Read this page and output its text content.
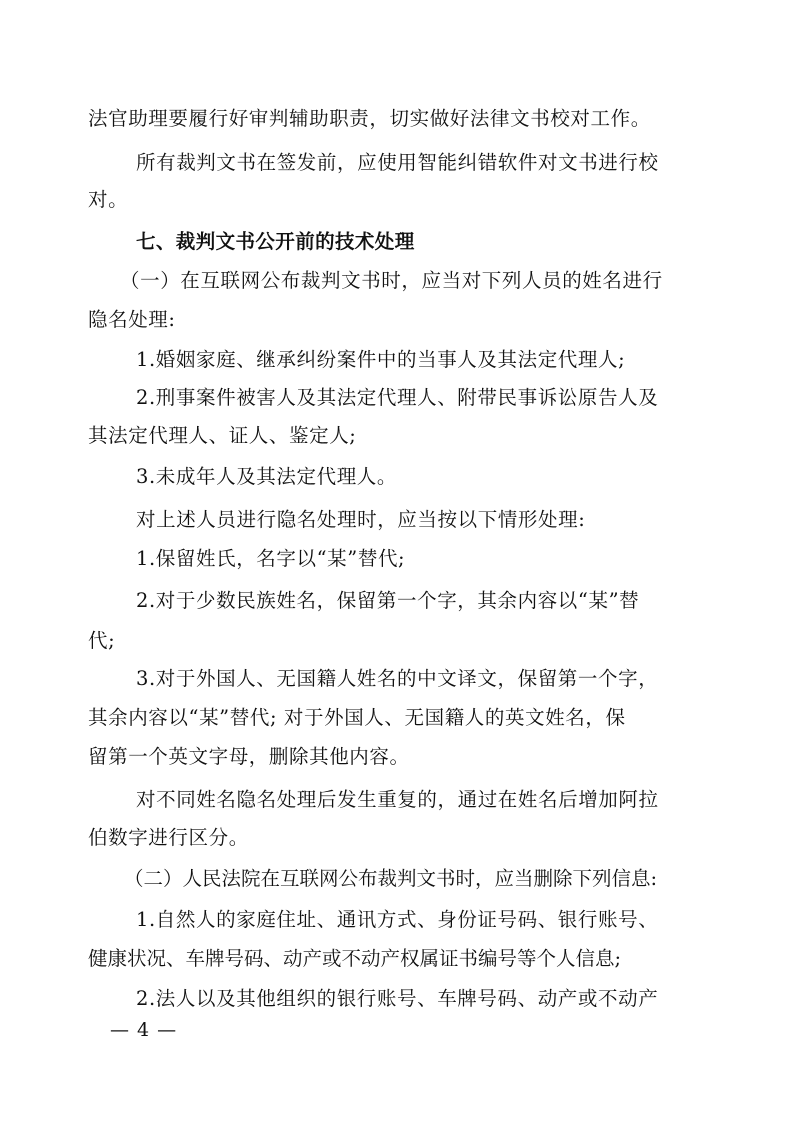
法官助理要履行好审判辅助职责，切实做好法律文书校对工作。
所有裁判文书在签发前，应使用智能纠错软件对文书进行校
对。
七、裁判文书公开前的技术处理
（一）在互联网公布裁判文书时，应当对下列人员的姓名进行
隐名处理:
1.婚姻家庭、继承纠纷案件中的当事人及其法定代理人;
2.刑事案件被害人及其法定代理人、附带民事诉讼原告人及
其法定代理人、证人、鉴定人;
3.未成年人及其法定代理人。
对上述人员进行隐名处理时，应当按以下情形处理:
1.保留姓氏，名字以“某”替代;
2.对于少数民族姓名，保留第一个字，其余内容以“某”替
代;
3.对于外国人、无国籍人姓名的中文译文，保留第一个字，
其余内容以“某”替代; 对于外国人、无国籍人的英文姓名，保
留第一个英文字母，删除其他内容。
对不同姓名隐名处理后发生重复的，通过在姓名后增加阿拉
伯数字进行区分。
（二）人民法院在互联网公布裁判文书时，应当删除下列信息:
1.自然人的家庭住址、通讯方式、身份证号码、银行账号、
健康状况、车牌号码、动产或不动产权属证书编号等个人信息;
2.法人以及其他组织的银行账号、车牌号码、动产或不动产
— 4 —
